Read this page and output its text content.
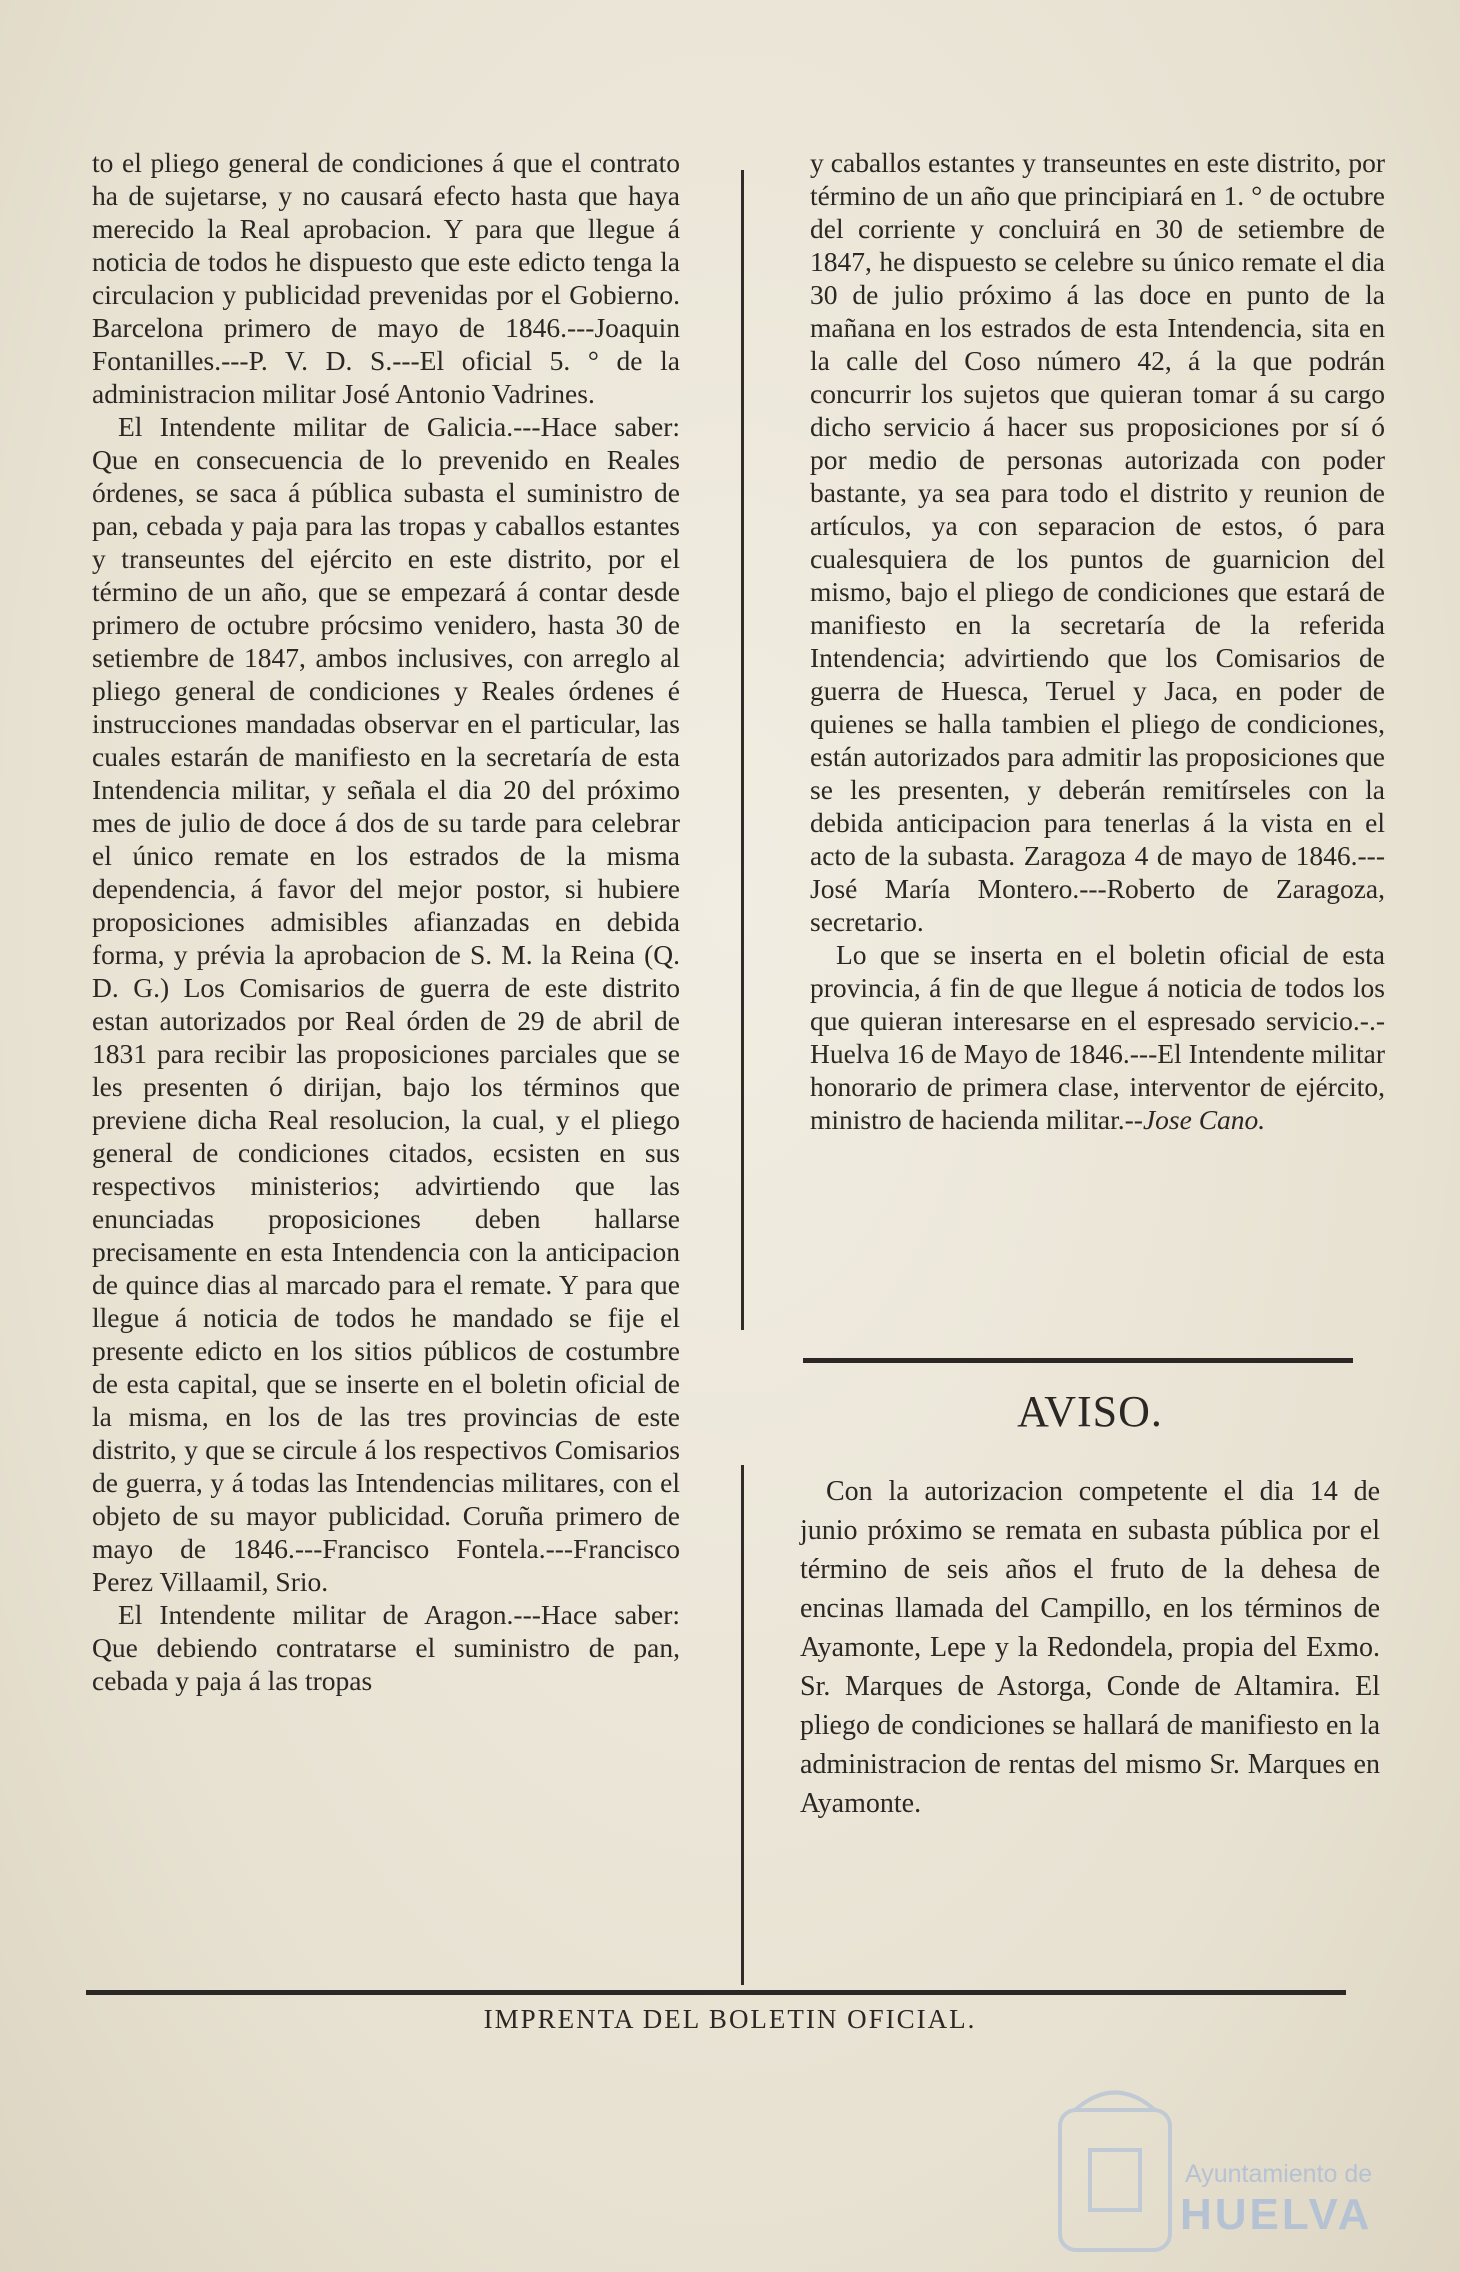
to el pliego general de condiciones á que el contrato ha de sujetarse, y no causará efecto hasta que haya merecido la Real aprobacion. Y para que llegue á noticia de todos he dispuesto que este edicto tenga la circulacion y publicidad prevenidas por el Gobierno. Barcelona primero de mayo de 1846.---Joaquin Fontanilles.---P. V. D. S.---El oficial 5. ° de la administracion militar José Antonio Vadrines.

El Intendente militar de Galicia.---Hace saber: Que en consecuencia de lo prevenido en Reales órdenes, se saca á pública subasta el suministro de pan, cebada y paja para las tropas y caballos estantes y transeuntes del ejército en este distrito, por el término de un año, que se empezará á contar desde primero de octubre prócsimo venidero, hasta 30 de setiembre de 1847, ambos inclusives, con arreglo al pliego general de condiciones y Reales órdenes é instrucciones mandadas observar en el particular, las cuales estarán de manifiesto en la secretaría de esta Intendencia militar, y señala el dia 20 del próximo mes de julio de doce á dos de su tarde para celebrar el único remate en los estrados de la misma dependencia, á favor del mejor postor, si hubiere proposiciones admisibles afianzadas en debida forma, y prévia la aprobacion de S. M. la Reina (Q. D. G.) Los Comisarios de guerra de este distrito estan autorizados por Real órden de 29 de abril de 1831 para recibir las proposiciones parciales que se les presenten ó dirijan, bajo los términos que previene dicha Real resolucion, la cual, y el pliego general de condiciones citados, ecsisten en sus respectivos ministerios; advirtiendo que las enunciadas proposiciones deben hallarse precisamente en esta Intendencia con la anticipacion de quince dias al marcado para el remate. Y para que llegue á noticia de todos he mandado se fije el presente edicto en los sitios públicos de costumbre de esta capital, que se inserte en el boletin oficial de la misma, en los de las tres provincias de este distrito, y que se circule á los respectivos Comisarios de guerra, y á todas las Intendencias militares, con el objeto de su mayor publicidad. Coruña primero de mayo de 1846.---Francisco Fontela.---Francisco Perez Villaamil, Srio.

El Intendente militar de Aragon.---Hace saber: Que debiendo contratarse el suministro de pan, cebada y paja á las tropas

y caballos estantes y transeuntes en este distrito, por término de un año que principiará en 1. ° de octubre del corriente y concluirá en 30 de setiembre de 1847, he dispuesto se celebre su único remate el dia 30 de julio próximo á las doce en punto de la mañana en los estrados de esta Intendencia, sita en la calle del Coso número 42, á la que podrán concurrir los sujetos que quieran tomar á su cargo dicho servicio á hacer sus proposiciones por sí ó por medio de personas autorizada con poder bastante, ya sea para todo el distrito y reunion de artículos, ya con separacion de estos, ó para cualesquiera de los puntos de guarnicion del mismo, bajo el pliego de condiciones que estará de manifiesto en la secretaría de la referida Intendencia; advirtiendo que los Comisarios de guerra de Huesca, Teruel y Jaca, en poder de quienes se halla tambien el pliego de condiciones, están autorizados para admitir las proposiciones que se les presenten, y deberán remitírseles con la debida anticipacion para tenerlas á la vista en el acto de la subasta. Zaragoza 4 de mayo de 1846.---José María Montero.---Roberto de Zaragoza, secretario.

Lo que se inserta en el boletin oficial de esta provincia, á fin de que llegue á noticia de todos los que quieran interesarse en el espresado servicio.-.-Huelva 16 de Mayo de 1846.---El Intendente militar honorario de primera clase, interventor de ejército, ministro de hacienda militar.--Jose Cano.

AVISO.

Con la autorizacion competente el dia 14 de junio próximo se remata en subasta pública por el término de seis años el fruto de la dehesa de encinas llamada del Campillo, en los términos de Ayamonte, Lepe y la Redondela, propia del Exmo. Sr. Marques de Astorga, Conde de Altamira. El pliego de condiciones se hallará de manifiesto en la administracion de rentas del mismo Sr. Marques en Ayamonte.

IMPRENTA DEL BOLETIN OFICIAL.
Ayuntamiento de
HUELVA
